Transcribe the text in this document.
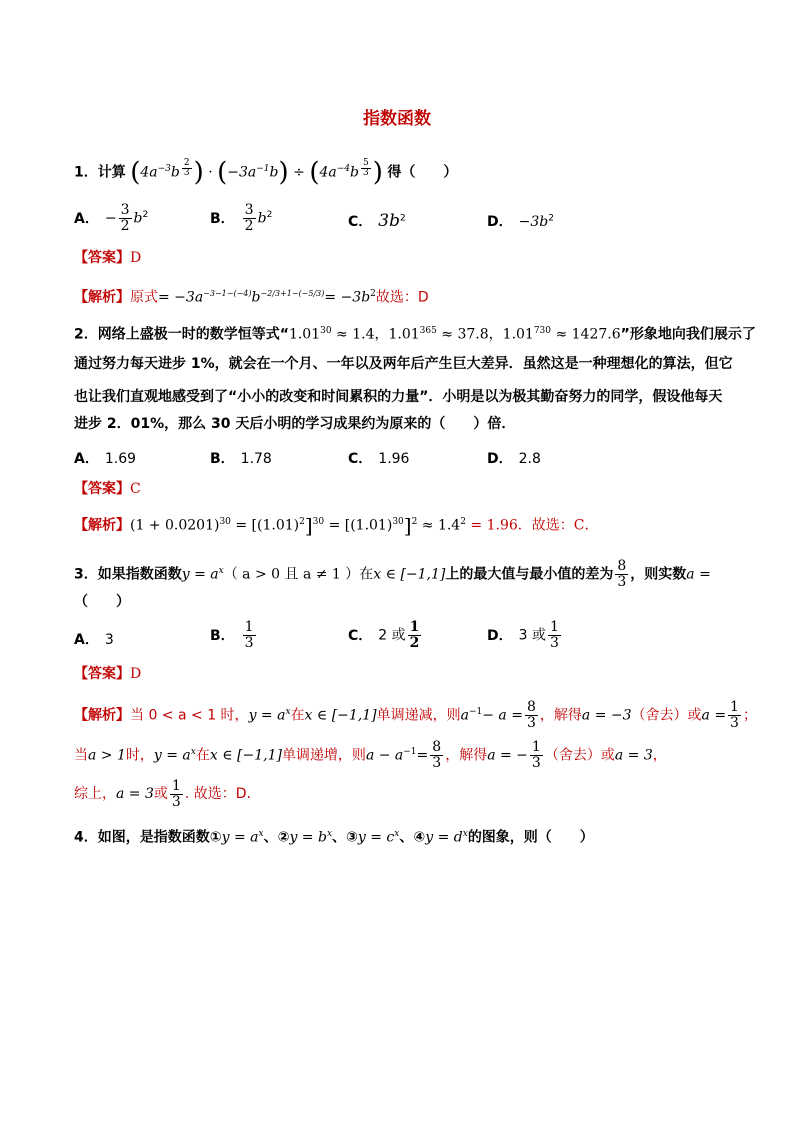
指数函数
1．计算 ($4a^{-3}b$ $^{\frac{2}{3}}$ ) · $(-3a^{-1}b) \div (4a^{-4}b$ $^{\frac{5}{3}}$ ) 得（　　）
A． − $\frac{3}{2} b^2$	B． $\frac{3}{2} b^2$	C． $3b^2$	D． $-3b^2$
【答案】D
【解析】原式= $-3a^{-3-1-(-4)}b^{-2/3+1-(-5/3)}= -3b^2$故选：D
2．网络上盛极一时的数学恒等式“$1.01^{30} \approx 1.4$，$1.01^{365} \approx 37.8$，$1.01^{730} \approx 1427.6$”形象地向我们展示了
通过努力每天进步 1%，就会在一个月、一年以及两年后产生巨大差异．虽然这是一种理想化的算法，但它
也让我们直观地感受到了“小小的改变和时间累积的力量”．小明是以为极其勤奋努力的同学，假设他每天
进步 2．01%，那么 30 天后小明的学习成果约为原来的（　　）倍．
A． 1.69	B． 1.78	C． 1.96	D． 2.8
【答案】C
【解析】$(1 + 0.0201)^{30} = [(1.01)^2]^{30} = [(1.01)^{30}]^2 \approx 1.4^2 = 1.96$．故选：C．
3．如果指数函数$y = a^x$（ a > 0 且 a ≠ 1 ）在x ∈ [−1,1]上的最大值与最小值的差为 $\frac{8}{3}$ ，则实数a =
（　　）
A． 3	B． $\frac{1}{3}$	C． 2 或 $\frac{1}{2}$	D． 3 或 $\frac{1}{3}$
【答案】D
【解析】当 0 < a < 1 时，$y = a^x$在x ∈ [−1,1]单调递减，则$a^{-1}- a = \frac{8}{3}$ ，解得a = −3（舍去）或$a = \frac{1}{3}$ ；
当a > 1时，$y = a^x$在x ∈ [−1,1]单调递增，则$a - a^{-1}= \frac{8}{3}$ ，解得a = − $\frac{1}{3}$ （舍去）或a = 3，
综上，a = 3或 $\frac{1}{3}$ . 故选：D.
4．如图，是指数函数①y = $a^x$、②y = $b^x$、③y = $c^x$、④y = $d^x$的图象，则（　　）
